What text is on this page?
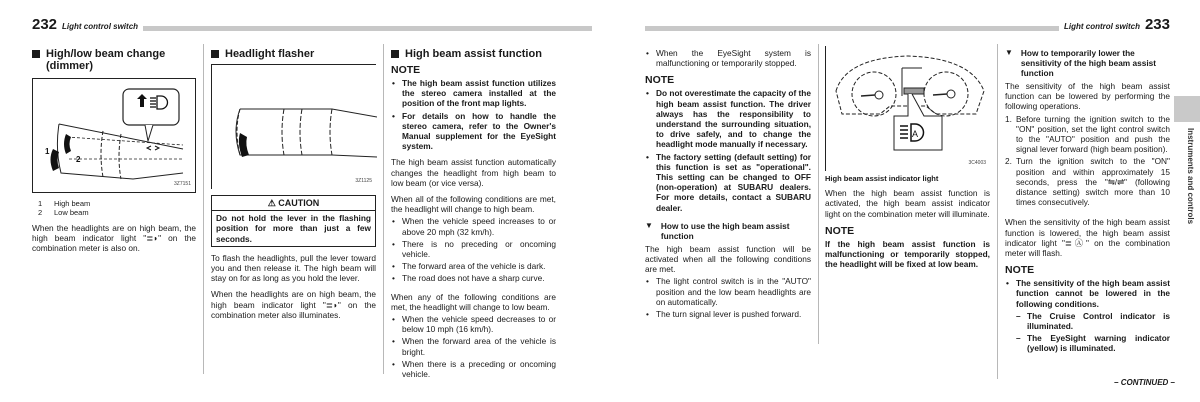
232 Light control switch	Light control switch 233
High/low beam change (dimmer)
1
2
3Z7151
1	High beam
2	Low beam

When the headlights are on high beam, the high beam indicator light "≣◗" on the combination meter is also on.

Headlight flasher
3Z1125
⚠ CAUTION
Do not hold the lever in the flashing position for more than just a few seconds.

To flash the headlights, pull the lever toward you and then release it. The high beam will stay on for as long as you hold the lever.

When the headlights are on high beam, the high beam indicator light "≣◗" on the combination meter also illuminates.

High beam assist function
NOTE
• The high beam assist function utilizes the stereo camera installed at the position of the front map lights.
• For details on how to handle the stereo camera, refer to the Owner's Manual supplement for the EyeSight system.

The high beam assist function automatically changes the headlight from high beam to low beam (or vice versa).

When all of the following conditions are met, the headlight will change to high beam.

• When the vehicle speed increases to or above 20 mph (32 km/h).
• There is no preceding or oncoming vehicle.
• The forward area of the vehicle is dark.
• The road does not have a sharp curve.

When any of the following conditions are met, the headlight will change to low beam.

• When the vehicle speed decreases to or below 10 mph (16 km/h).
• When the forward area of the vehicle is bright.
• When there is a preceding or oncoming vehicle.
• When the EyeSight system is malfunctioning or temporarily stopped.
NOTE
• Do not overestimate the capacity of the high beam assist function. The driver always has the responsibility to understand the surrounding situation, to drive safely, and to change the headlight mode manually if necessary.
• The factory setting (default setting) for this function is set as "operational". This setting can be changed to OFF (non-operation) at SUBARU dealers. For more details, contact a SUBARU dealer.
▼ How to use the high beam assist function

The high beam assist function will be activated when all the following conditions are met.

• The light control switch is in the "AUTO" position and the low beam headlights are on automatically.
• The turn signal lever is pushed forward.
A
3C4003
High beam assist indicator light

When the high beam assist function is activated, the high beam assist indicator light on the combination meter will illuminate.

NOTE

If the high beam assist function is malfunctioning or temporarily stopped, the headlight will be fixed at low beam.

▼ How to temporarily lower the sensitivity of the high beam assist function

The sensitivity of the high beam assist function can be lowered by performing the following operations.

1. Before turning the ignition switch to the "ON" position, set the light control switch to the "AUTO" position and push the signal lever forward (high beam position).
2. Turn the ignition switch to the "ON" position and within approximately 15 seconds, press the "⇋/⇌" (following distance setting) switch more than 10 times consecutively.

When the sensitivity of the high beam assist function is lowered, the high beam assist indicator light "≣Ⓐ" on the combination meter will flash.

NOTE
• The sensitivity of the high beam assist function cannot be lowered in the following conditions.
– The Cruise Control indicator is illuminated.
– The EyeSight warning indicator (yellow) is illuminated.
Instruments and controls
– CONTINUED –
